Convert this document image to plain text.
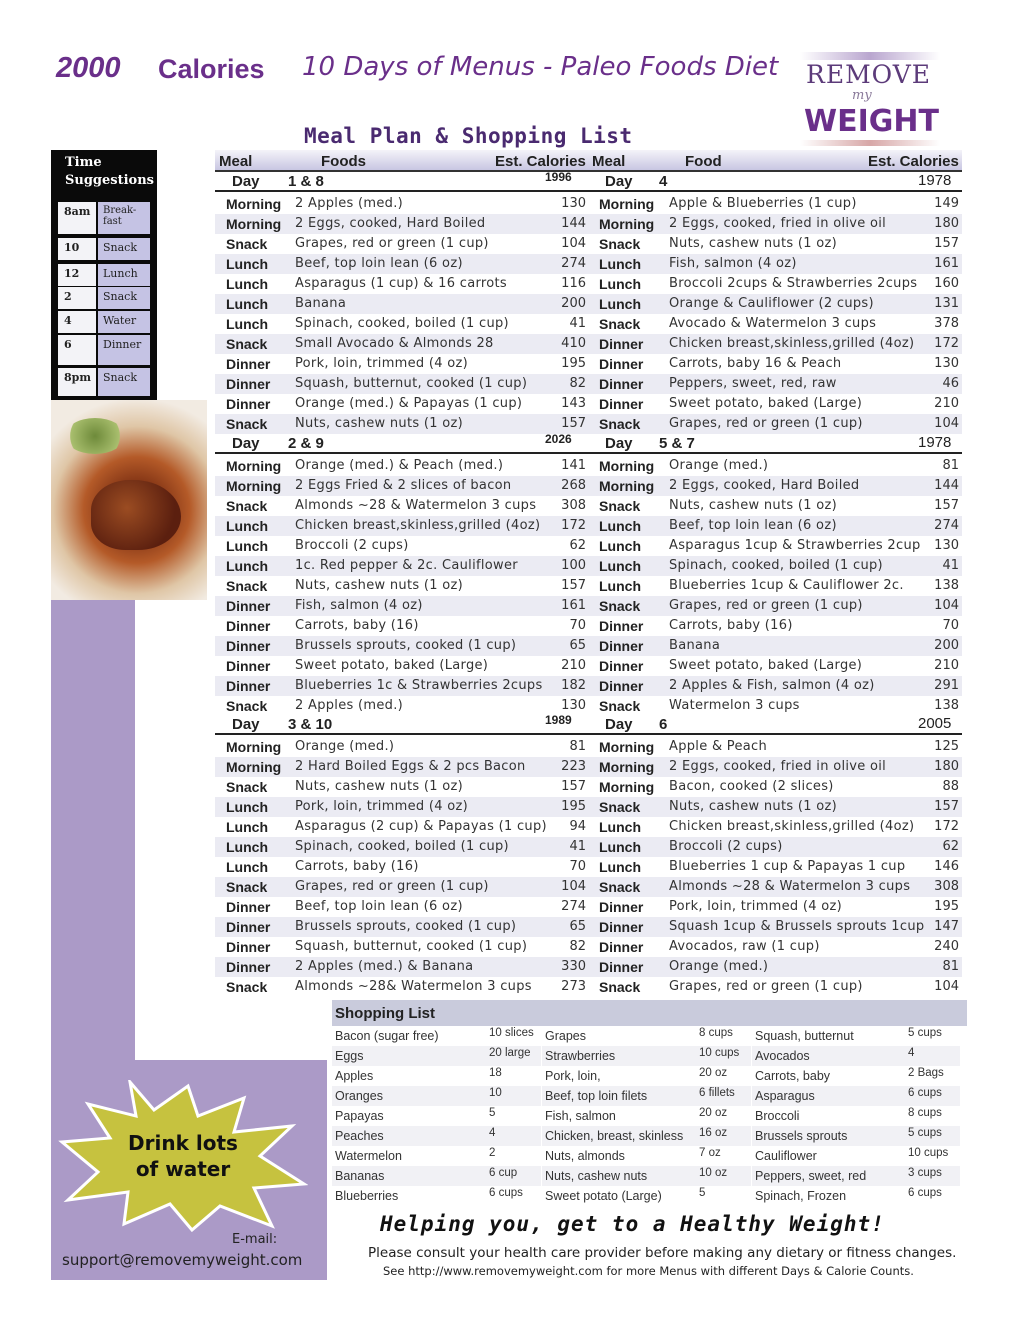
2000 Calories 10 Days of Menus - Paleo Foods Diet REMOVE
my
WEIGHT
Meal Plan & Shopping List
Time
Suggestions
8am	Break-fast
10	Snack
12	Lunch
2	Snack
4	Water
6	Dinner
8pm	Snack
Drink lots
of water
E-mail:
support@removemyweight.com
Meal	Foods	Est. Calories Meal	Food	Est. Calories
Day 1 & 8	1996
Morning 2 Apples (med.)	130
Morning 2 Eggs, cooked, Hard Boiled	144
Snack Grapes, red or green (1 cup)	104
Lunch Beef, top loin lean (6 oz)	274
Lunch Asparagus (1 cup) & 16 carrots	116
Lunch Banana	200
Lunch Spinach, cooked, boiled (1 cup)	41
Snack Small Avocado & Almonds 28	410
Dinner Pork, loin, trimmed (4 oz)	195
Dinner Squash, butternut, cooked (1 cup)	82
Dinner Orange (med.) & Papayas (1 cup)	143
Snack Nuts, cashew nuts (1 oz)	157
Day 2 & 9	2026
Morning Orange (med.) & Peach (med.)	141
Morning 2 Eggs Fried & 2 slices of bacon	268
Snack Almonds ~28 & Watermelon 3 cups 308
Lunch Chicken breast,skinless,grilled (4oz) 172
Lunch Broccoli (2 cups)	62
Lunch 1c. Red pepper & 2c. Cauliflower	100
Snack Nuts, cashew nuts (1 oz)	157
Dinner Fish, salmon (4 oz)	161
Dinner Carrots, baby (16)	70
Dinner Brussels sprouts, cooked (1 cup)	65
Dinner Sweet potato, baked (Large)	210
Dinner Blueberries 1c & Strawberries 2cups 182
Snack 2 Apples (med.)	130
Day 3 & 10	1989
Morning Orange (med.)	81
Morning 2 Hard Boiled Eggs & 2 pcs Bacon	223
Snack Nuts, cashew nuts (1 oz)	157
Lunch Pork, loin, trimmed (4 oz)	195
Lunch Asparagus (2 cup) & Papayas (1 cup) 94
Lunch Spinach, cooked, boiled (1 cup)	41
Lunch Carrots, baby (16)	70
Snack Grapes, red or green (1 cup)	104
Dinner Beef, top loin lean (6 oz)	274
Dinner Brussels sprouts, cooked (1 cup)	65
Dinner Squash, butternut, cooked (1 cup)	82
Dinner 2 Apples (med.) & Banana	330
Snack Almonds ~28& Watermelon 3 cups 273
Day 4	1978
Morning Apple & Blueberries (1 cup)	149
Morning 2 Eggs, cooked, fried in olive oil	180
Snack Nuts, cashew nuts (1 oz)	157
Lunch Fish, salmon (4 oz)	161
Lunch Broccoli 2cups & Strawberries 2cups 160
Lunch Orange & Cauliflower (2 cups)	131
Snack Avocado & Watermelon 3 cups	378
Dinner Chicken breast,skinless,grilled (4oz) 172
Dinner Carrots, baby 16 & Peach	130
Dinner Peppers, sweet, red, raw	46
Dinner Sweet potato, baked (Large)	210
Snack Grapes, red or green (1 cup)	104
Day 5 & 7	1978
Morning Orange (med.)	81
Morning 2 Eggs, cooked, Hard Boiled	144
Snack Nuts, cashew nuts (1 oz)	157
Lunch Beef, top loin lean (6 oz)	274
Lunch Asparagus 1cup & Strawberries 2cup 130
Lunch Spinach, cooked, boiled (1 cup)	41
Lunch Blueberries 1cup & Cauliflower 2c. 138
Snack Grapes, red or green (1 cup)	104
Dinner Carrots, baby (16)	70
Dinner Banana	200
Dinner Sweet potato, baked (Large)	210
Dinner 2 Apples & Fish, salmon (4 oz)	291
Snack Watermelon 3 cups	138
Day 6	2005
Morning Apple & Peach	125
Morning 2 Eggs, cooked, fried in olive oil	180
Morning Bacon, cooked (2 slices)	88
Snack Nuts, cashew nuts (1 oz)	157
Lunch Chicken breast,skinless,grilled (4oz) 172
Lunch Broccoli (2 cups)	62
Lunch Blueberries 1 cup & Papayas 1 cup 146
Snack Almonds ~28 & Watermelon 3 cups 308
Dinner Pork, loin, trimmed (4 oz)	195
Dinner Squash 1cup & Brussels sprouts 1cup 147
Dinner Avocados, raw (1 cup)	240
Dinner Orange (med.)	81
Snack Grapes, red or green (1 cup)	104
Shopping List
Bacon (sugar free)	10 slices
Eggs	20 large
Apples	18
Oranges	10
Papayas	5
Peaches	4
Watermelon	2
Bananas	6 cup
Blueberries	6 cups
Grapes	8 cups
Strawberries	10 cups
Pork, loin,	20 oz
Beef, top loin filets	6 fillets
Fish, salmon	20 oz
Chicken, breast, skinless 16 oz
Nuts, almonds	7 oz
Nuts, cashew nuts	10 oz
Sweet potato (Large)	5
Squash, butternut	5 cups
Avocados	4
Carrots, baby	2 Bags
Asparagus	6 cups
Broccoli	8 cups
Brussels sprouts	5 cups
Cauliflower	10 cups
Peppers, sweet, red	3 cups
Spinach, Frozen	6 cups
Helping you, get to a Healthy Weight!
Please consult your health care provider before making any dietary or fitness changes.
See http://www.removemyweight.com for more Menus with different Days & Calorie Counts.
